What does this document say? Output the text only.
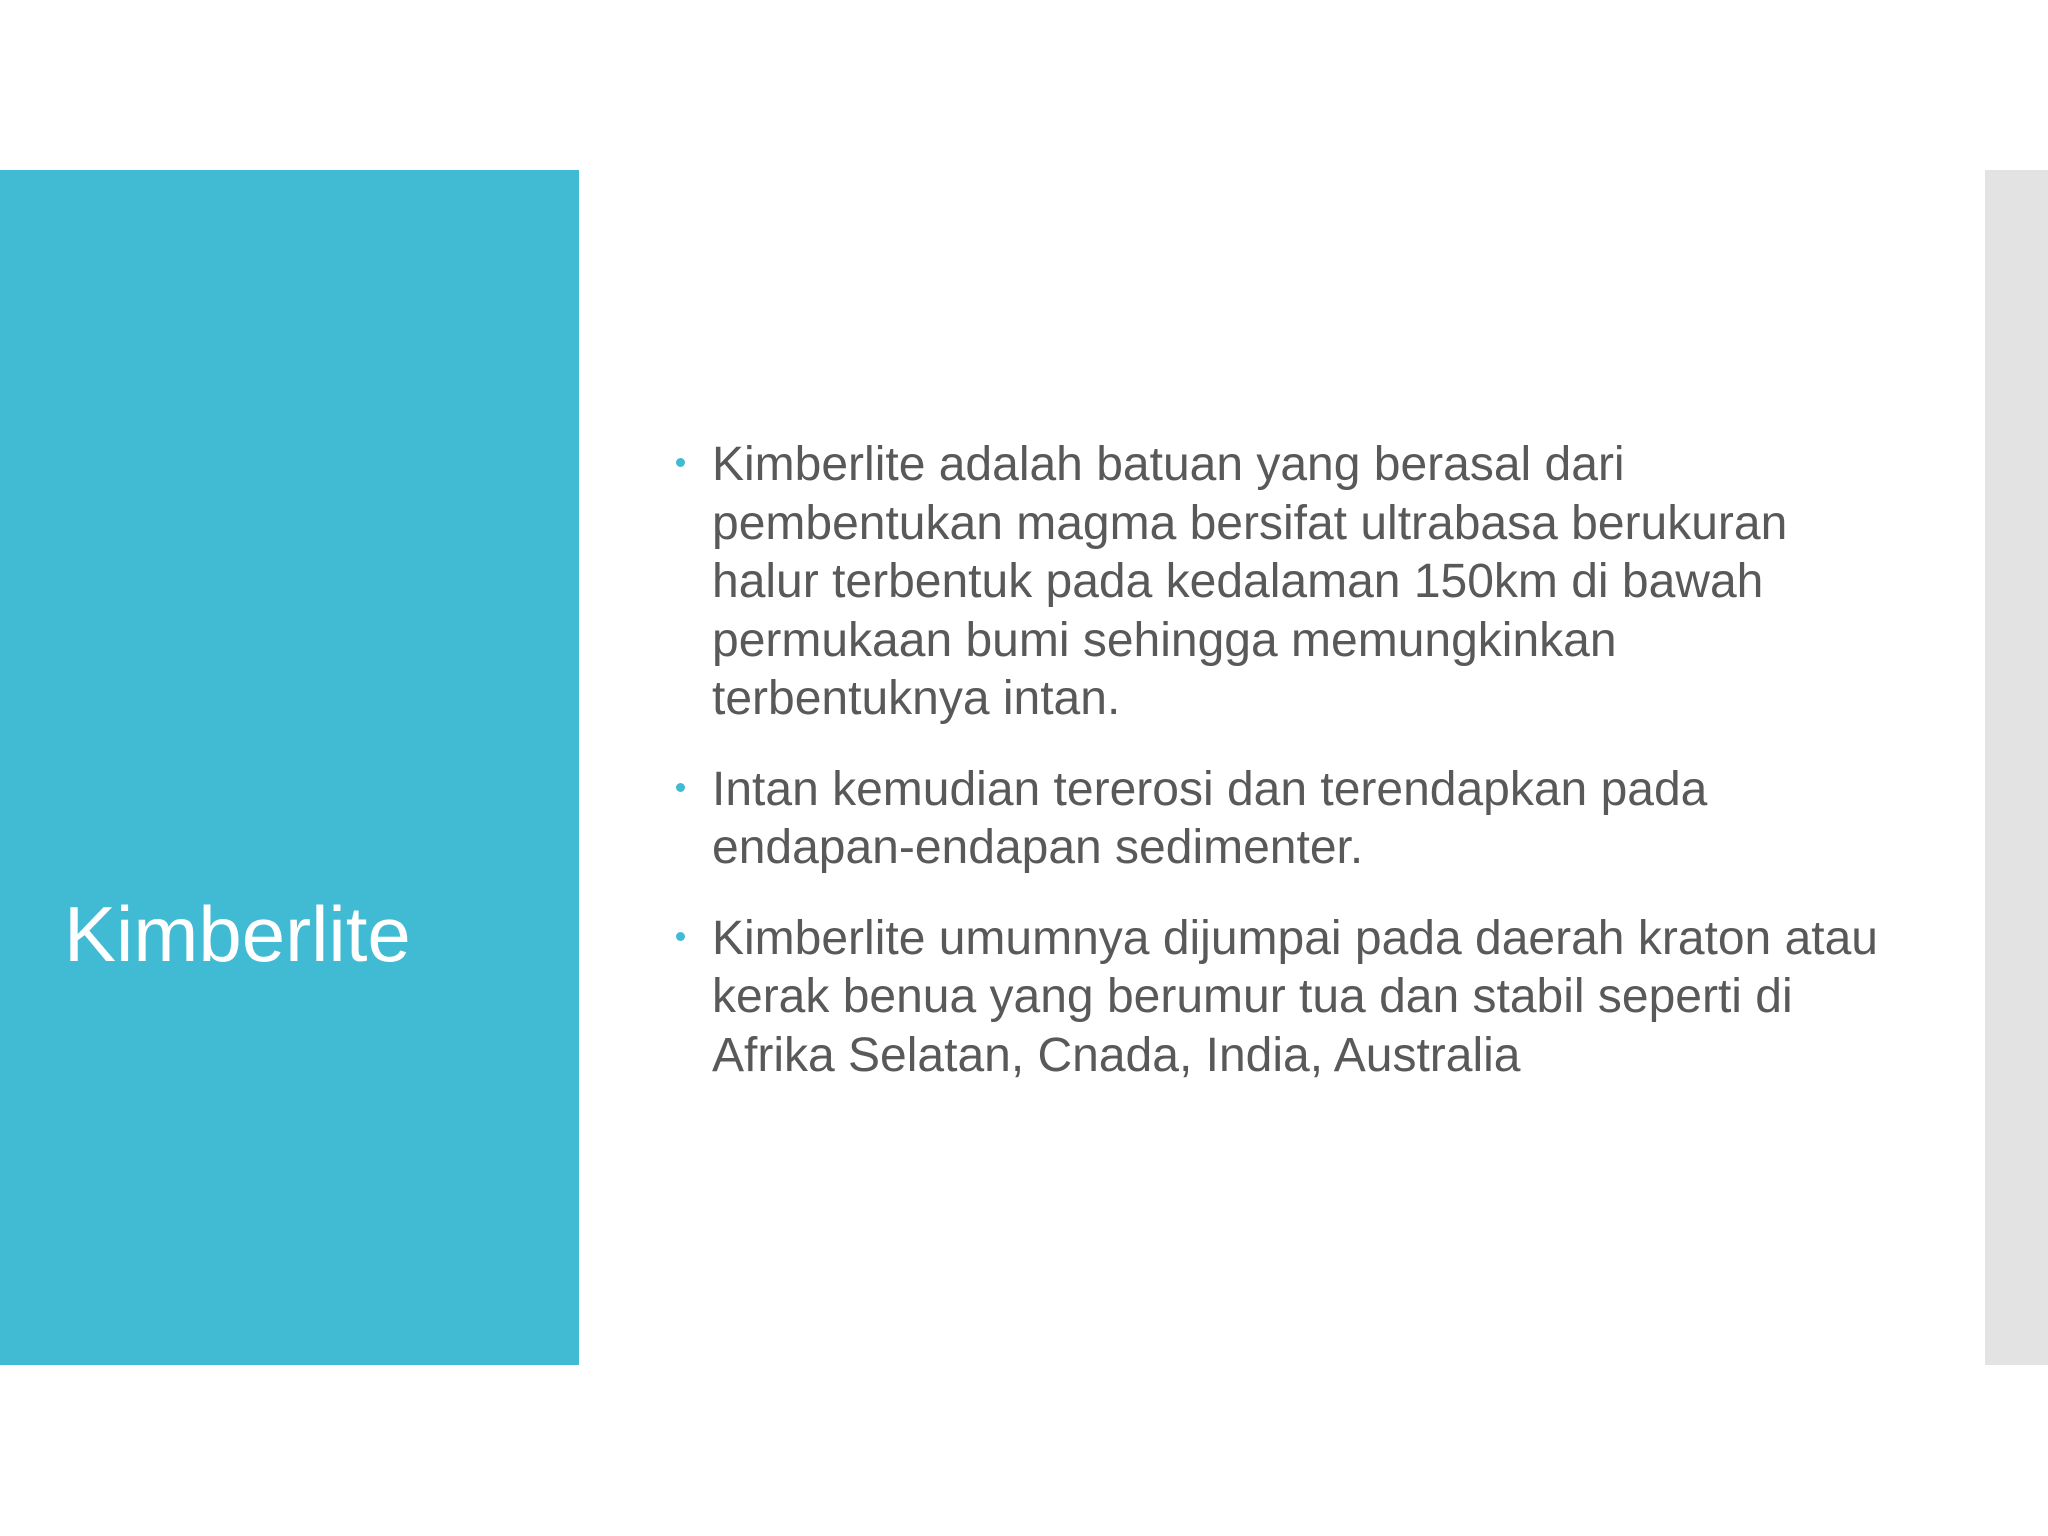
Kimberlite
Kimberlite adalah batuan yang berasal dari pembentukan magma bersifat ultrabasa berukuran halur terbentuk pada kedalaman 150km di bawah permukaan bumi sehingga memungkinkan terbentuknya intan.
Intan kemudian tererosi dan terendapkan pada endapan-endapan sedimenter.
Kimberlite umumnya dijumpai pada daerah kraton atau kerak benua yang berumur tua dan stabil seperti di Afrika Selatan, Cnada, India, Australia
